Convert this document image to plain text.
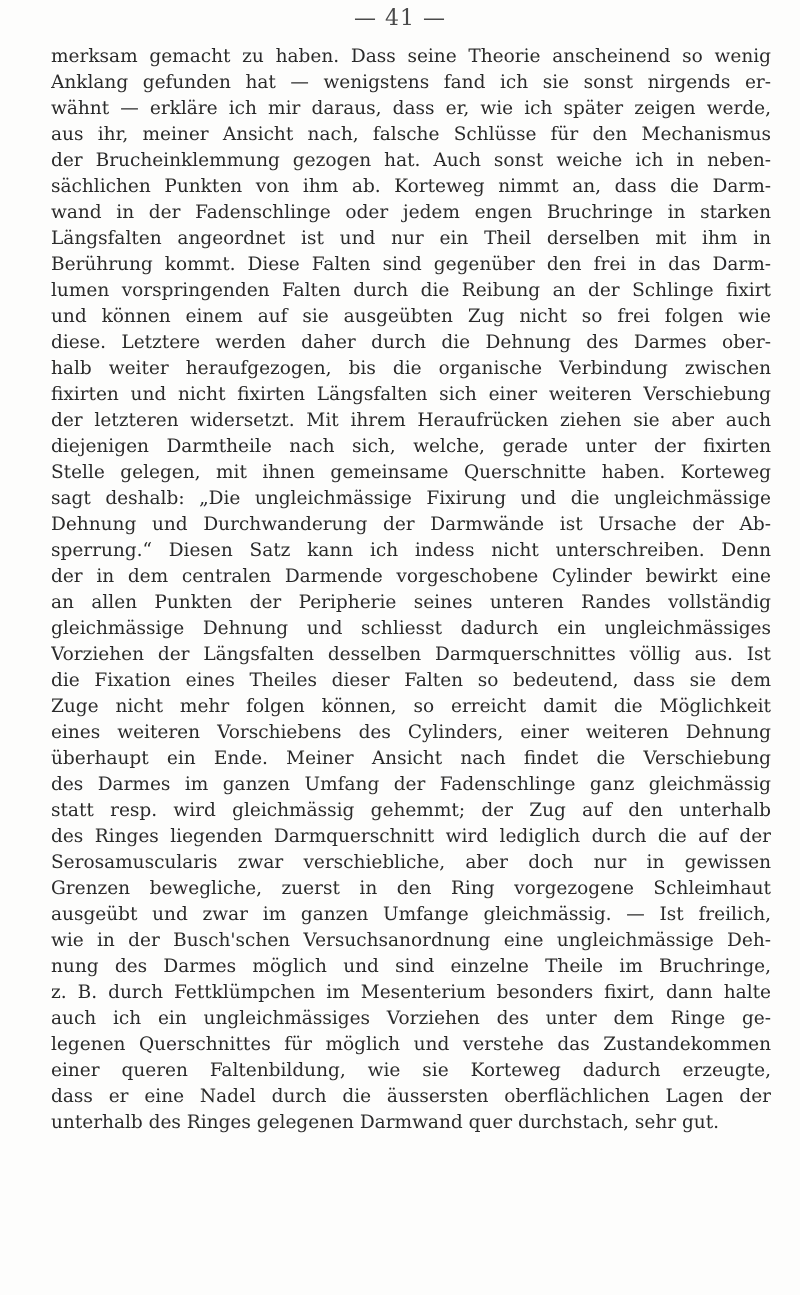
— 41 —
merksam gemacht zu haben. Dass seine Theorie anscheinend so wenig
Anklang gefunden hat — wenigstens fand ich sie sonst nirgends er-
wähnt — erkläre ich mir daraus, dass er, wie ich später zeigen werde,
aus ihr, meiner Ansicht nach, falsche Schlüsse für den Mechanismus
der Brucheinklemmung gezogen hat. Auch sonst weiche ich in neben-
sächlichen Punkten von ihm ab. Korteweg nimmt an, dass die Darm-
wand in der Fadenschlinge oder jedem engen Bruchringe in starken
Längsfalten angeordnet ist und nur ein Theil derselben mit ihm in
Berührung kommt. Diese Falten sind gegenüber den frei in das Darm-
lumen vorspringenden Falten durch die Reibung an der Schlinge fixirt
und können einem auf sie ausgeübten Zug nicht so frei folgen wie
diese. Letztere werden daher durch die Dehnung des Darmes ober-
halb weiter heraufgezogen, bis die organische Verbindung zwischen
fixirten und nicht fixirten Längsfalten sich einer weiteren Verschiebung
der letzteren widersetzt. Mit ihrem Heraufrücken ziehen sie aber auch
diejenigen Darmtheile nach sich, welche, gerade unter der fixirten
Stelle gelegen, mit ihnen gemeinsame Querschnitte haben. Korteweg
sagt deshalb: „Die ungleichmässige Fixirung und die ungleichmässige
Dehnung und Durchwanderung der Darmwände ist Ursache der Ab-
sperrung.“ Diesen Satz kann ich indess nicht unterschreiben. Denn
der in dem centralen Darmende vorgeschobene Cylinder bewirkt eine
an allen Punkten der Peripherie seines unteren Randes vollständig
gleichmässige Dehnung und schliesst dadurch ein ungleichmässiges
Vorziehen der Längsfalten desselben Darmquerschnittes völlig aus. Ist
die Fixation eines Theiles dieser Falten so bedeutend, dass sie dem
Zuge nicht mehr folgen können, so erreicht damit die Möglichkeit
eines weiteren Vorschiebens des Cylinders, einer weiteren Dehnung
überhaupt ein Ende. Meiner Ansicht nach findet die Verschiebung
des Darmes im ganzen Umfang der Fadenschlinge ganz gleichmässig
statt resp. wird gleichmässig gehemmt; der Zug auf den unterhalb
des Ringes liegenden Darmquerschnitt wird lediglich durch die auf der
Serosamuscularis zwar verschiebliche, aber doch nur in gewissen
Grenzen bewegliche, zuerst in den Ring vorgezogene Schleimhaut
ausgeübt und zwar im ganzen Umfange gleichmässig. — Ist freilich,
wie in der Busch'schen Versuchsanordnung eine ungleichmässige Deh-
nung des Darmes möglich und sind einzelne Theile im Bruchringe,
z. B. durch Fettklümpchen im Mesenterium besonders fixirt, dann halte
auch ich ein ungleichmässiges Vorziehen des unter dem Ringe ge-
legenen Querschnittes für möglich und verstehe das Zustandekommen
einer queren Faltenbildung, wie sie Korteweg dadurch erzeugte,
dass er eine Nadel durch die äussersten oberflächlichen Lagen der
unterhalb des Ringes gelegenen Darmwand quer durchstach, sehr gut.
